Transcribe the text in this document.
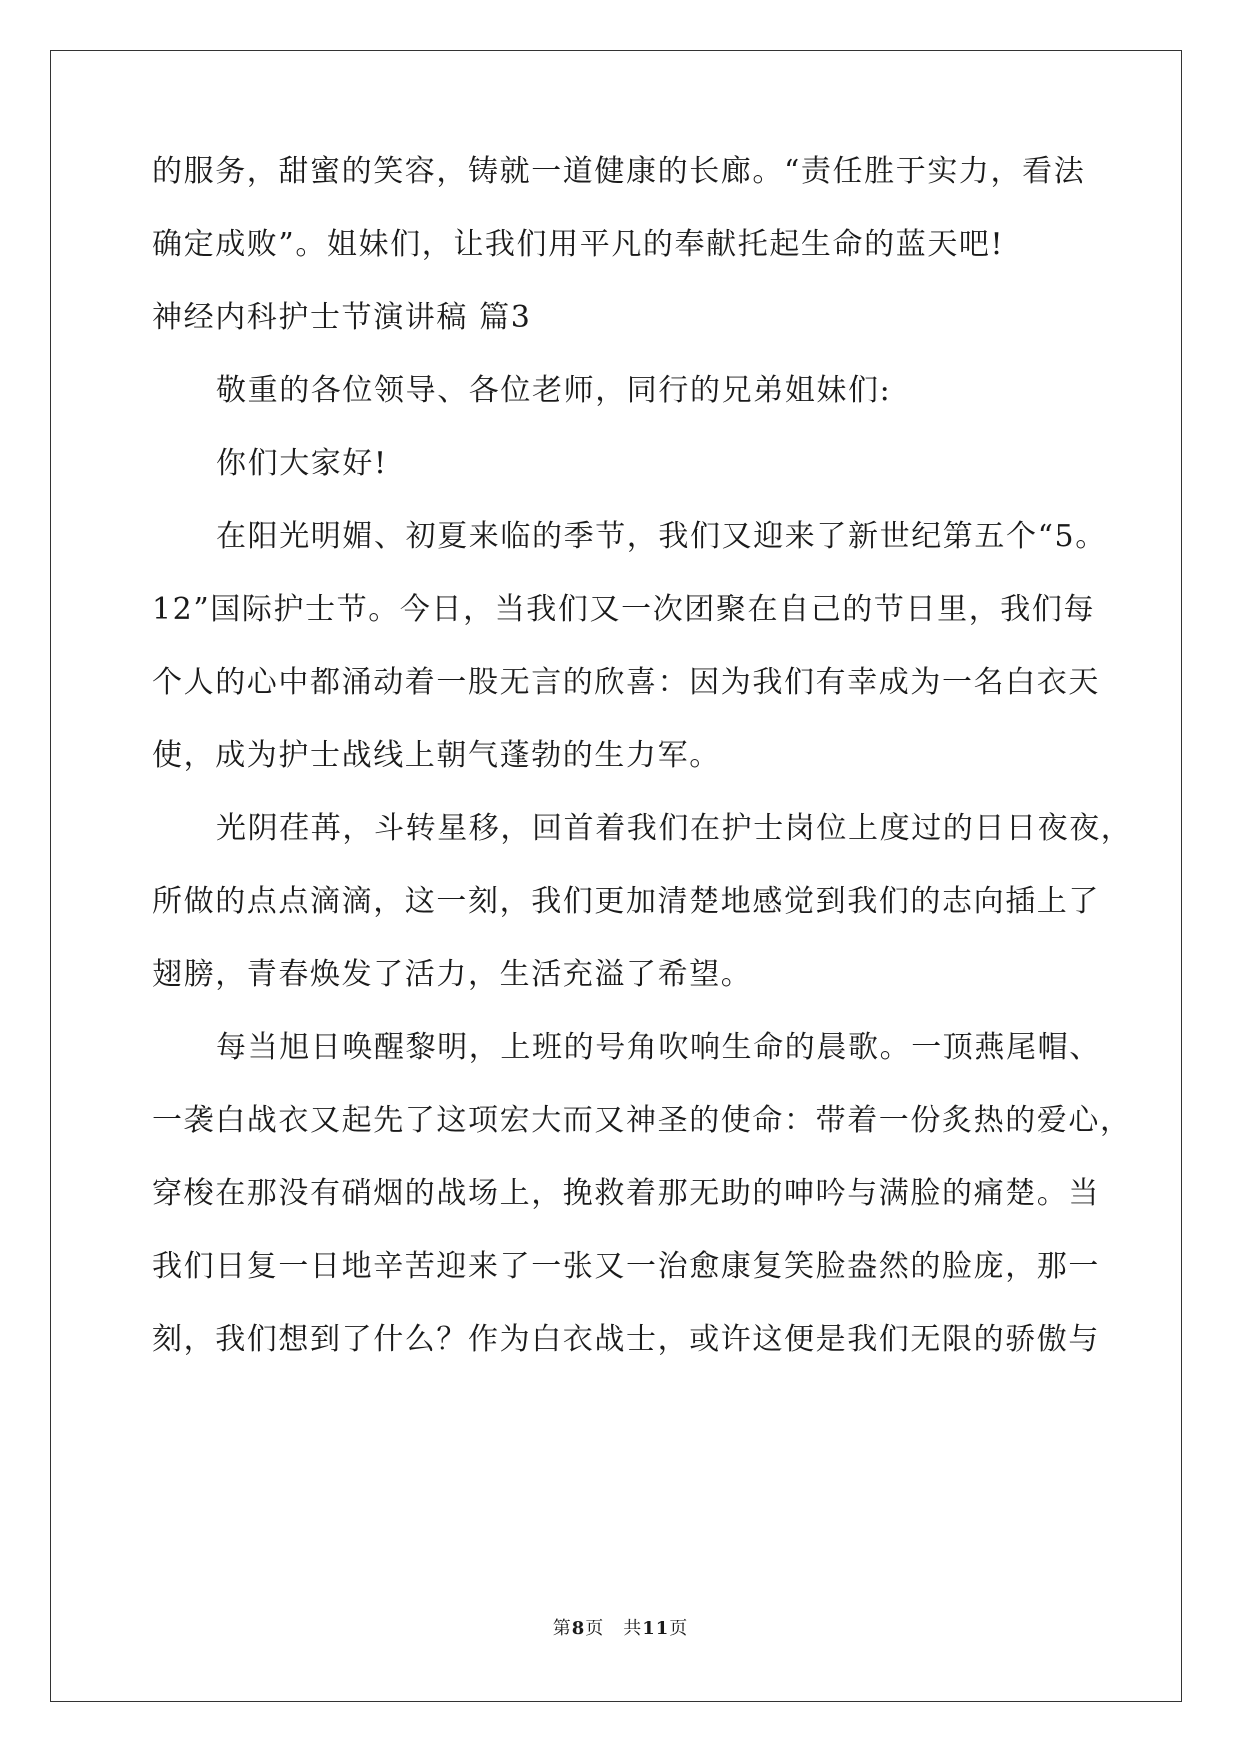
的服务，甜蜜的笑容，铸就一道健康的长廊。“责任胜于实力，看法
确定成败”。姐妹们，让我们用平凡的奉献托起生命的蓝天吧!
神经内科护士节演讲稿 篇3
敬重的各位领导、各位老师，同行的兄弟姐妹们:
你们大家好!
在阳光明媚、初夏来临的季节，我们又迎来了新世纪第五个“5。
12”国际护士节。今日，当我们又一次团聚在自己的节日里，我们每
个人的心中都涌动着一股无言的欣喜：因为我们有幸成为一名白衣天
使，成为护士战线上朝气蓬勃的生力军。
光阴荏苒，斗转星移，回首着我们在护士岗位上度过的日日夜夜，
所做的点点滴滴，这一刻，我们更加清楚地感觉到我们的志向插上了
翅膀，青春焕发了活力，生活充溢了希望。
每当旭日唤醒黎明，上班的号角吹响生命的晨歌。一顶燕尾帽、
一袭白战衣又起先了这项宏大而又神圣的使命：带着一份炙热的爱心，
穿梭在那没有硝烟的战场上，挽救着那无助的呻吟与满脸的痛楚。当
我们日复一日地辛苦迎来了一张又一治愈康复笑脸盎然的脸庞，那一
刻，我们想到了什么？作为白衣战士，或许这便是我们无限的骄傲与
第8页　共11页
